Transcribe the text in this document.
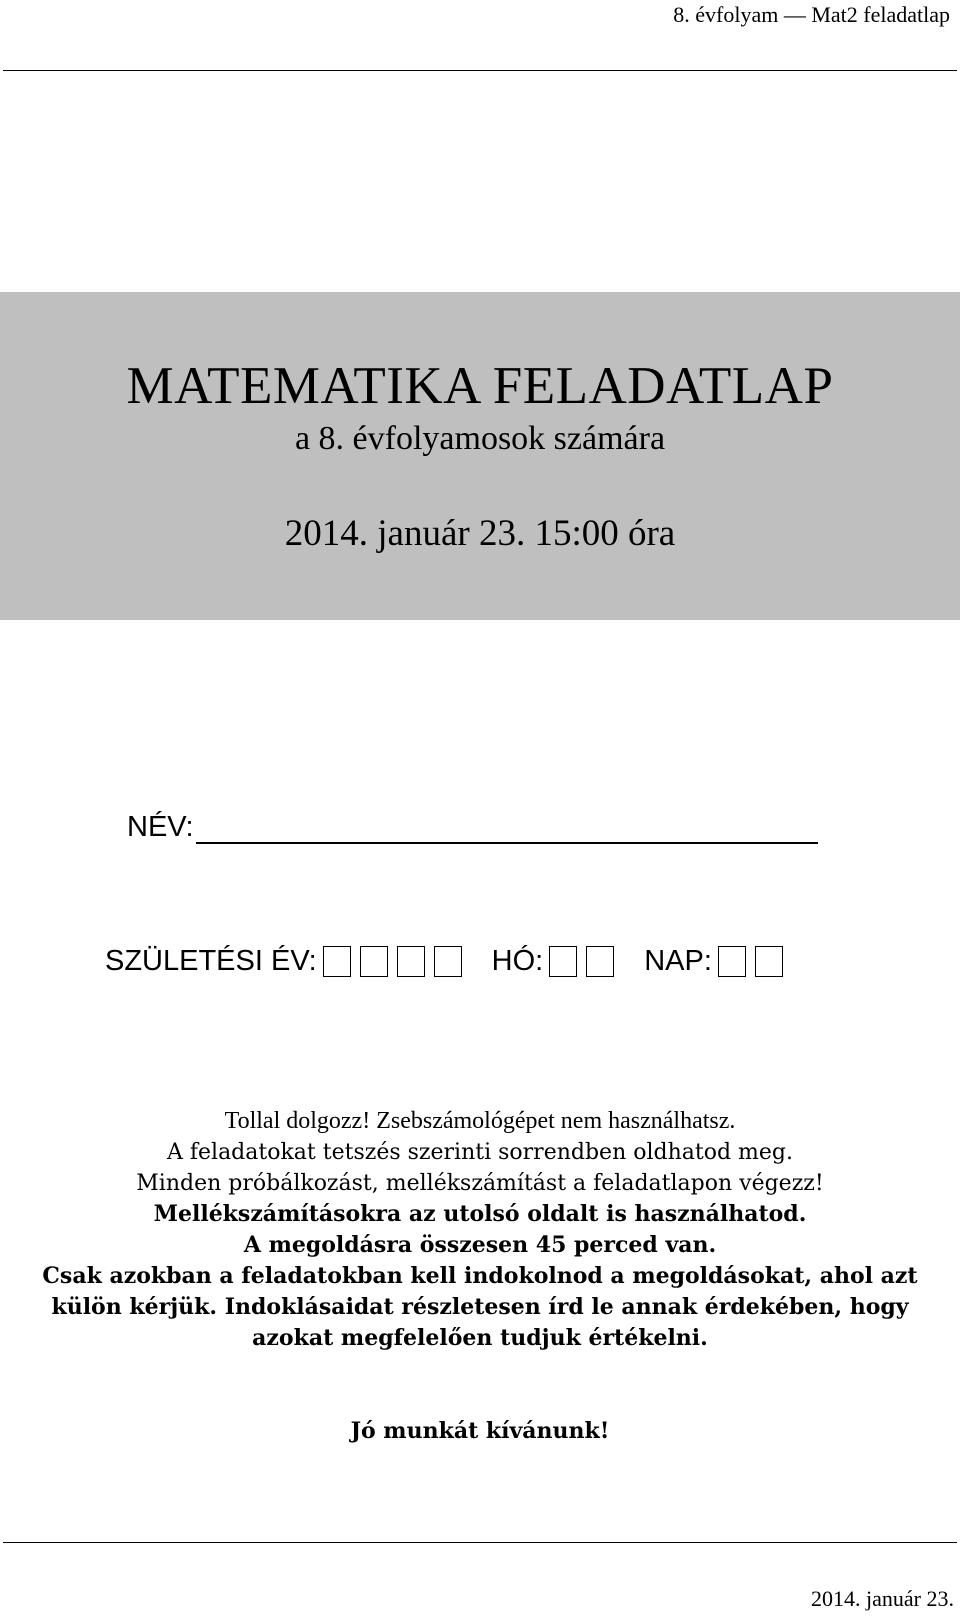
8. évfolyam — Mat2 feladatlap
MATEMATIKA FELADATLAP
a 8. évfolyamosok számára
2014. január 23. 15:00 óra
NÉV:
SZÜLETÉSI ÉV:	HÓ:	NAP:
Tollal dolgozz! Zsebszámológépet nem használhatsz.
A feladatokat tetszés szerinti sorrendben oldhatod meg.
Minden próbálkozást, mellékszámítást a feladatlapon végezz!
Mellékszámításokra az utolsó oldalt is használhatod.
A megoldásra összesen 45 perced van.
Csak azokban a feladatokban kell indokolnod a megoldásokat, ahol azt
külön kérjük. Indoklásaidat részletesen írd le annak érdekében, hogy
azokat megfelelően tudjuk értékelni.
Jó munkát kívánunk!
2014. január 23.
